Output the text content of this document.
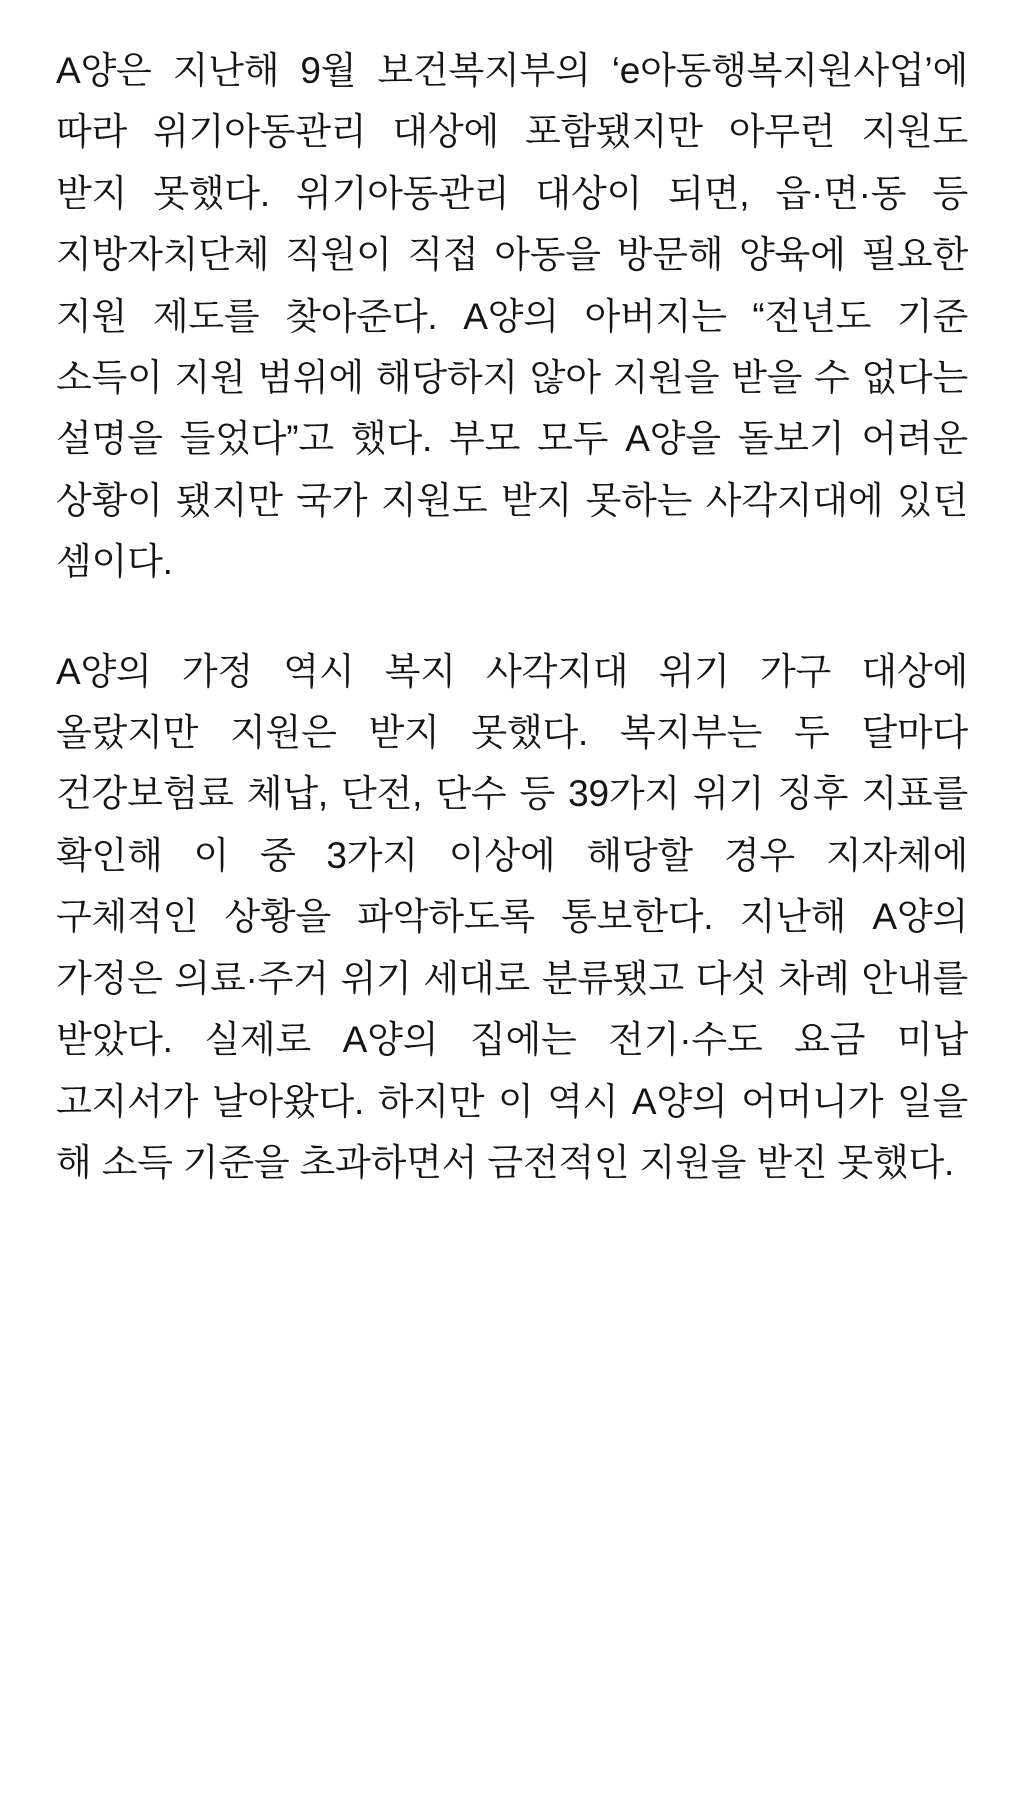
A양은 지난해 9월 보건복지부의 ‘e아동행복지원사업’에 따라 위기아동관리 대상에 포함됐지만 아무런 지원도 받지 못했다. 위기아동관리 대상이 되면, 읍·면·동 등 지방자치단체 직원이 직접 아동을 방문해 양육에 필요한 지원 제도를 찾아준다. A양의 아버지는 “전년도 기준 소득이 지원 범위에 해당하지 않아 지원을 받을 수 없다는 설명을 들었다”고 했다. 부모 모두 A양을 돌보기 어려운 상황이 됐지만 국가 지원도 받지 못하는 사각지대에 있던 셈이다.

A양의 가정 역시 복지 사각지대 위기 가구 대상에 올랐지만 지원은 받지 못했다. 복지부는 두 달마다 건강보험료 체납, 단전, 단수 등 39가지 위기 징후 지표를 확인해 이 중 3가지 이상에 해당할 경우 지자체에 구체적인 상황을 파악하도록 통보한다. 지난해 A양의 가정은 의료·주거 위기 세대로 분류됐고 다섯 차례 안내를 받았다. 실제로 A양의 집에는 전기·수도 요금 미납 고지서가 날아왔다. 하지만 이 역시 A양의 어머니가 일을 해 소득 기준을 초과하면서 금전적인 지원을 받진 못했다.
